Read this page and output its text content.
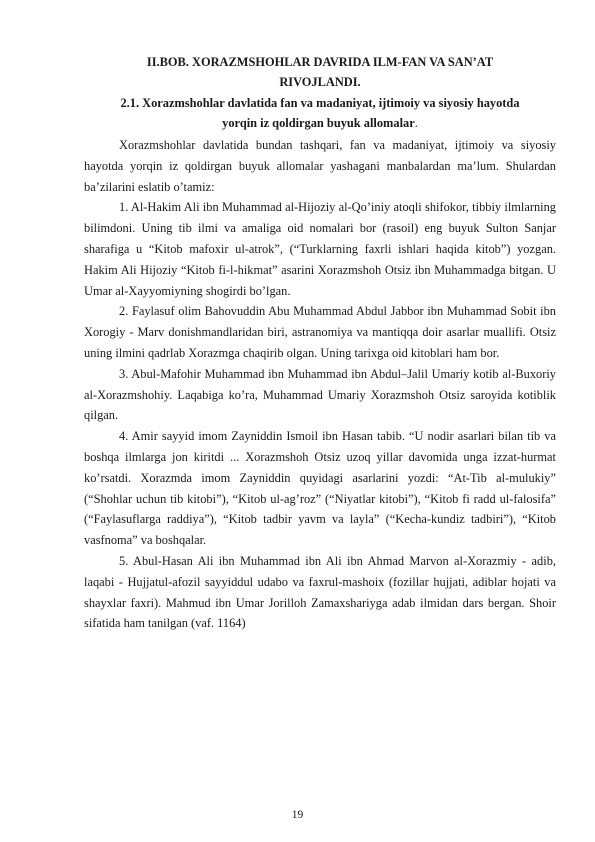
II.BOB. XORAZMSHOHLAR DAVRIDA ILM-FAN VA SAN’AT
RIVOJLANDI.
2.1. Xorazmshohlar davlatida fan va madaniyat, ijtimoiy va siyosiy hayotda
yorqin iz qoldirgan buyuk allomalar.

Xorazmshohlar davlatida bundan tashqari, fan va madaniyat, ijtimoiy va siyosiy hayotda yorqin iz qoldirgan buyuk allomalar yashagani manbalardan ma’lum. Shulardan ba’zilarini eslatib o’tamiz:

1. Al-Hakim Ali ibn Muhammad al-Hijoziy al-Qo’iniy atoqli shifokor, tibbiy ilmlarning bilimdoni. Uning tib ilmi va amaliga oid nomalari bor (rasoil) eng buyuk Sulton Sanjar sharafiga u “Kitob mafoxir ul-atrok”, (“Turklarning faxrli ishlari haqida kitob”) yozgan. Hakim Ali Hijoziy “Kitob fi-l-hikmat” asarini Xorazmshoh Otsiz ibn Muhammadga bitgan. U Umar al-Xayyomiyning shogirdi bo’lgan.

2. Faylasuf olim Bahovuddin Abu Muhammad Abdul Jabbor ibn Muhammad Sobit ibn Xorogiy - Marv donishmandlaridan biri, astranomiya va mantiqqa doir asarlar muallifi. Otsiz uning ilmini qadrlab Xorazmga chaqirib olgan. Uning tarixga oid kitoblari ham bor.

3. Abul-Mafohir Muhammad ibn Muhammad ibn Abdul–Jalil Umariy kotib al-Buxoriy al-Xorazmshohiy. Laqabiga ko’ra, Muhammad Umariy Xorazmshoh Otsiz saroyida kotiblik qilgan.

4. Amir sayyid imom Zayniddin Ismoil ibn Hasan tabib. “U nodir asarlari bilan tib va boshqa ilmlarga jon kiritdi ... Xorazmshoh Otsiz uzoq yillar davomida unga izzat-hurmat ko’rsatdi. Xorazmda imom Zayniddin quyidagi asarlarini yozdi: “At-Tib al-mulukiy” (“Shohlar uchun tib kitobi”), “Kitob ul-ag’roz” (“Niyatlar kitobi”), “Kitob fi radd ul-falosifa” (“Faylasuflarga raddiya”), “Kitob tadbir yavm va layla” (“Kecha-kundiz tadbiri”), “Kitob vasfnoma” va boshqalar.

5. Abul-Hasan Ali ibn Muhammad ibn Ali ibn Ahmad Marvon al-Xorazmiy - adib, laqabi - Hujjatul-afozil sayyiddul udabo va faxrul-mashoix (fozillar hujjati, adiblar hojati va shayxlar faxri). Mahmud ibn Umar Jorilloh Zamaxshariyga adab ilmidan dars bergan. Shoir sifatida ham tanilgan (vaf. 1164)

19
